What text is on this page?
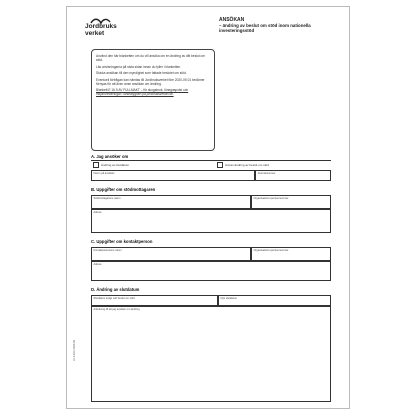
Jordbruks
verket
ANSÖKAN
– ändring av beslut om stöd inom nationella investeringsstöd

Använd den här blanketten om du vill ansöka om en ändring av ditt beslut om stöd.

Läs anvisningarna på sista sidan innan du fyller i blanketten.

Skicka ansökan till den myndighet som fattade beslutet om stöd.

Eventuell förfrågan kan hämtas till Jordbruksverket före 2020-09-01 bedömer förnyas för att även anse ansökan om ändring.

Blankett E 16.9 AV FULLMAKT – för skogsbruk, lönegaspolst och miljöinvesteringar i landsbygden på jordbruksverket.se.

A. Jag ansöker om
Ändring av slutdatum	Annan ändring av beslut om stöd
Namn på ansökan	Journalnummer
B. Uppgifter om stödmottagaren
Stödmottagarens namn	Organisations-/personnummer
Adress
C. Uppgifter om kontaktperson
Kontaktpersonens namn	Organisations-/personnummer
Adress
D. Ändring av slutdatum
Slutdatum enligt mitt beslut om stöd	Nytt slutdatum
Anledning till att jag ansöker om ändring
Jo 4.XXX 2020-09
